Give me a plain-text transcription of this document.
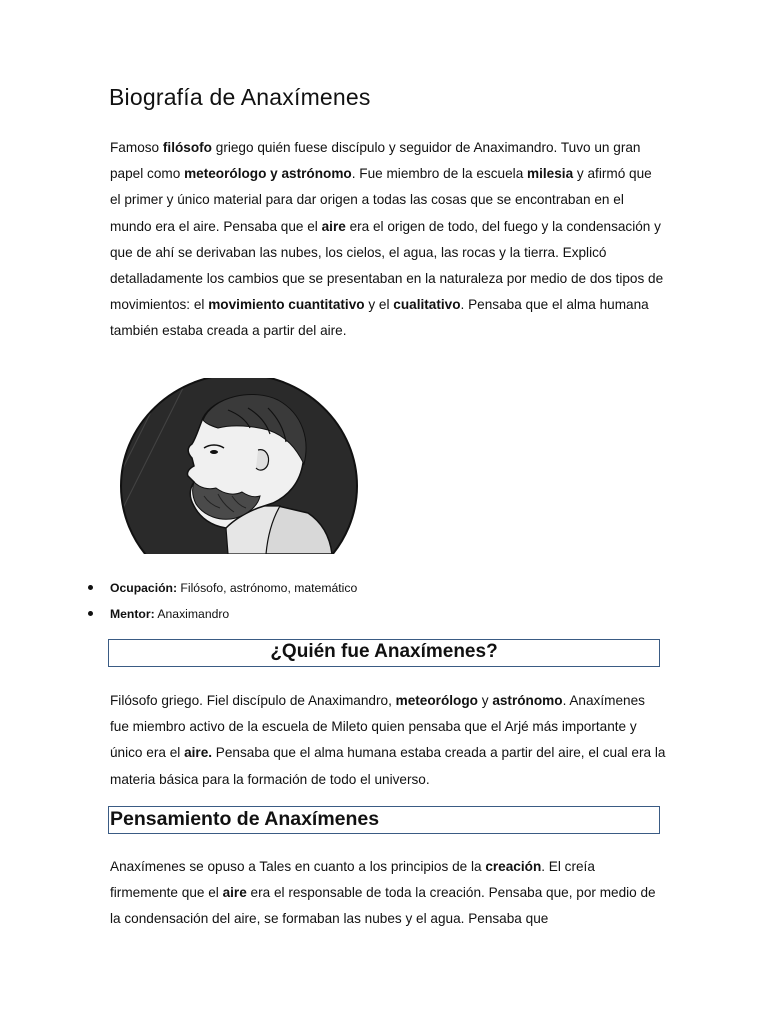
Biografía de Anaxímenes

Famoso filósofo griego quién fuese discípulo y seguidor de Anaximandro. Tuvo un gran papel como meteorólogo y astrónomo. Fue miembro de la escuela milesia y afirmó que el primer y único material para dar origen a todas las cosas que se encontraban en el mundo era el aire. Pensaba que el aire era el origen de todo, del fuego y la condensación y que de ahí se derivaban las nubes, los cielos, el agua, las rocas y la tierra. Explicó detalladamente los cambios que se presentaban en la naturaleza por medio de dos tipos de movimientos: el movimiento cuantitativo y el cualitativo. Pensaba que el alma humana también estaba creada a partir del aire.

Ocupación: Filósofo, astrónomo, matemático
Mentor: Anaximandro
¿Quién fue Anaxímenes?

Filósofo griego. Fiel discípulo de Anaximandro, meteorólogo y astrónomo. Anaxímenes fue miembro activo de la escuela de Mileto quien pensaba que el Arjé más importante y único era el aire. Pensaba que el alma humana estaba creada a partir del aire, el cual era la materia básica para la formación de todo el universo.

Pensamiento de Anaxímenes

Anaxímenes se opuso a Tales en cuanto a los principios de la creación. El creía firmemente que el aire era el responsable de toda la creación. Pensaba que, por medio de la condensación del aire, se formaban las nubes y el agua. Pensaba que
